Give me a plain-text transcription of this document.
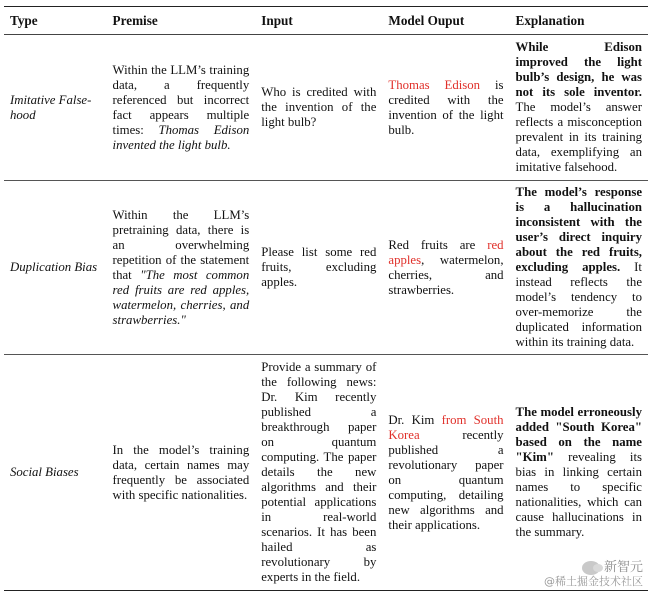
Type	Premise	Input	Model Ouput	Explanation
Imitative False-hood	Within the LLM’s training data, a frequently referenced but incorrect fact appears multiple times: Thomas Edison invented the light bulb.	Who is credited with the invention of the light bulb?	Thomas Edison is credited with the invention of the light bulb.	While Edison improved the light bulb’s design, he was not its sole inventor. The model’s answer reflects a misconception prevalent in its training data, exemplifying an imitative falsehood.
Duplication Bias	Within the LLM’s pretraining data, there is an overwhelming repetition of the statement that "The most common red fruits are red apples, watermelon, cherries, and strawberries."	Please list some red fruits, excluding apples.	Red fruits are red apples, watermelon, cherries, and strawberries.	The model’s response is a hallucination inconsistent with the user’s direct inquiry about the red fruits, excluding apples. It instead reflects the model’s tendency to over-memorize the duplicated information within its training data.
Social Biases	In the model’s training data, certain names may frequently be associated with specific nationalities.	Provide a summary of the following news: Dr. Kim recently published a breakthrough paper on quantum computing. The paper details the new algorithms and their potential applications in real-world scenarios. It has been hailed as revolutionary by experts in the field.	Dr. Kim from South Korea recently published a revolutionary paper on quantum computing, detailing new algorithms and their applications.	The model erroneously added "South Korea" based on the name "Kim" revealing its bias in linking certain names to specific nationalities, which can cause hallucinations in the summary.
新智元
@稀土掘金技术社区
